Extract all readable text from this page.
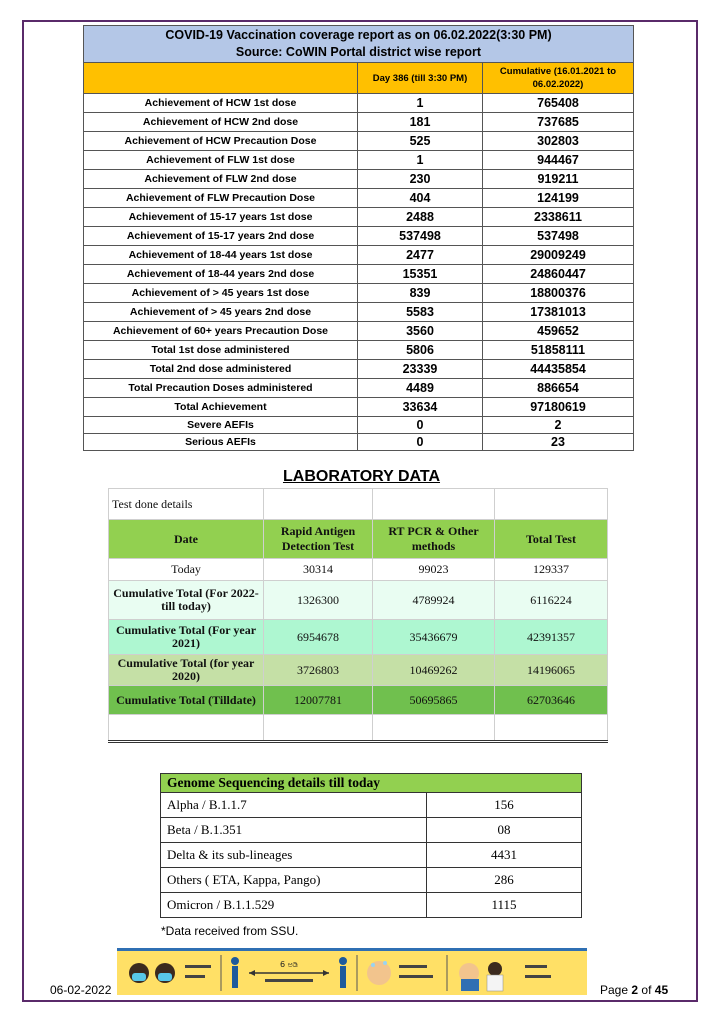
COVID-19 Vaccination coverage report as on 06.02.2022(3:30 PM)
Source: CoWIN Portal district wise report		

	Day 386 (till 3:30 PM)	Cumulative (16.01.2021 to 06.02.2022)
Achievement of HCW 1st dose	1	765408
Achievement of HCW 2nd dose	181	737685
Achievement of HCW Precaution Dose	525	302803
Achievement of FLW 1st dose	1	944467
Achievement of FLW 2nd dose	230	919211
Achievement of FLW Precaution Dose	404	124199
Achievement of 15-17 years 1st dose	2488	2338611
Achievement of 15-17 years 2nd dose	537498	537498
Achievement of 18-44 years 1st dose	2477	29009249
Achievement of 18-44 years 2nd dose	15351	24860447
Achievement of > 45 years 1st dose	839	18800376
Achievement of > 45 years 2nd dose	5583	17381013
Achievement of 60+ years Precaution Dose	3560	459652
Total 1st dose administered	5806	51858111
Total 2nd dose administered	23339	44435854
Total Precaution Doses administered	4489	886654
Total Achievement	33634	97180619
Severe AEFIs	0	2
Serious AEFIs	0	23
LABORATORY DATA
Test done details			
Date	Rapid Antigen Detection Test	RT PCR & Other methods	Total Test
Today	30314	99023	129337
Cumulative Total (For 2022- till today)	1326300	4789924	6116224
Cumulative Total (For year 2021)	6954678	35436679	42391357
Cumulative Total (for year 2020)	3726803	10469262	14196065
Cumulative Total (Tilldate)	12007781	50695865	62703646

Genome Sequencing details till today	
Alpha / B.1.1.7	156
Beta / B.1.351	08
Delta & its sub-lineages	4431
Others ( ETA, Kappa, Pango)	286
Omicron / B.1.1.529	1115
*Data received from SSU.
6 ಅಡಿ
06-02-2022	Page 2 of 45
